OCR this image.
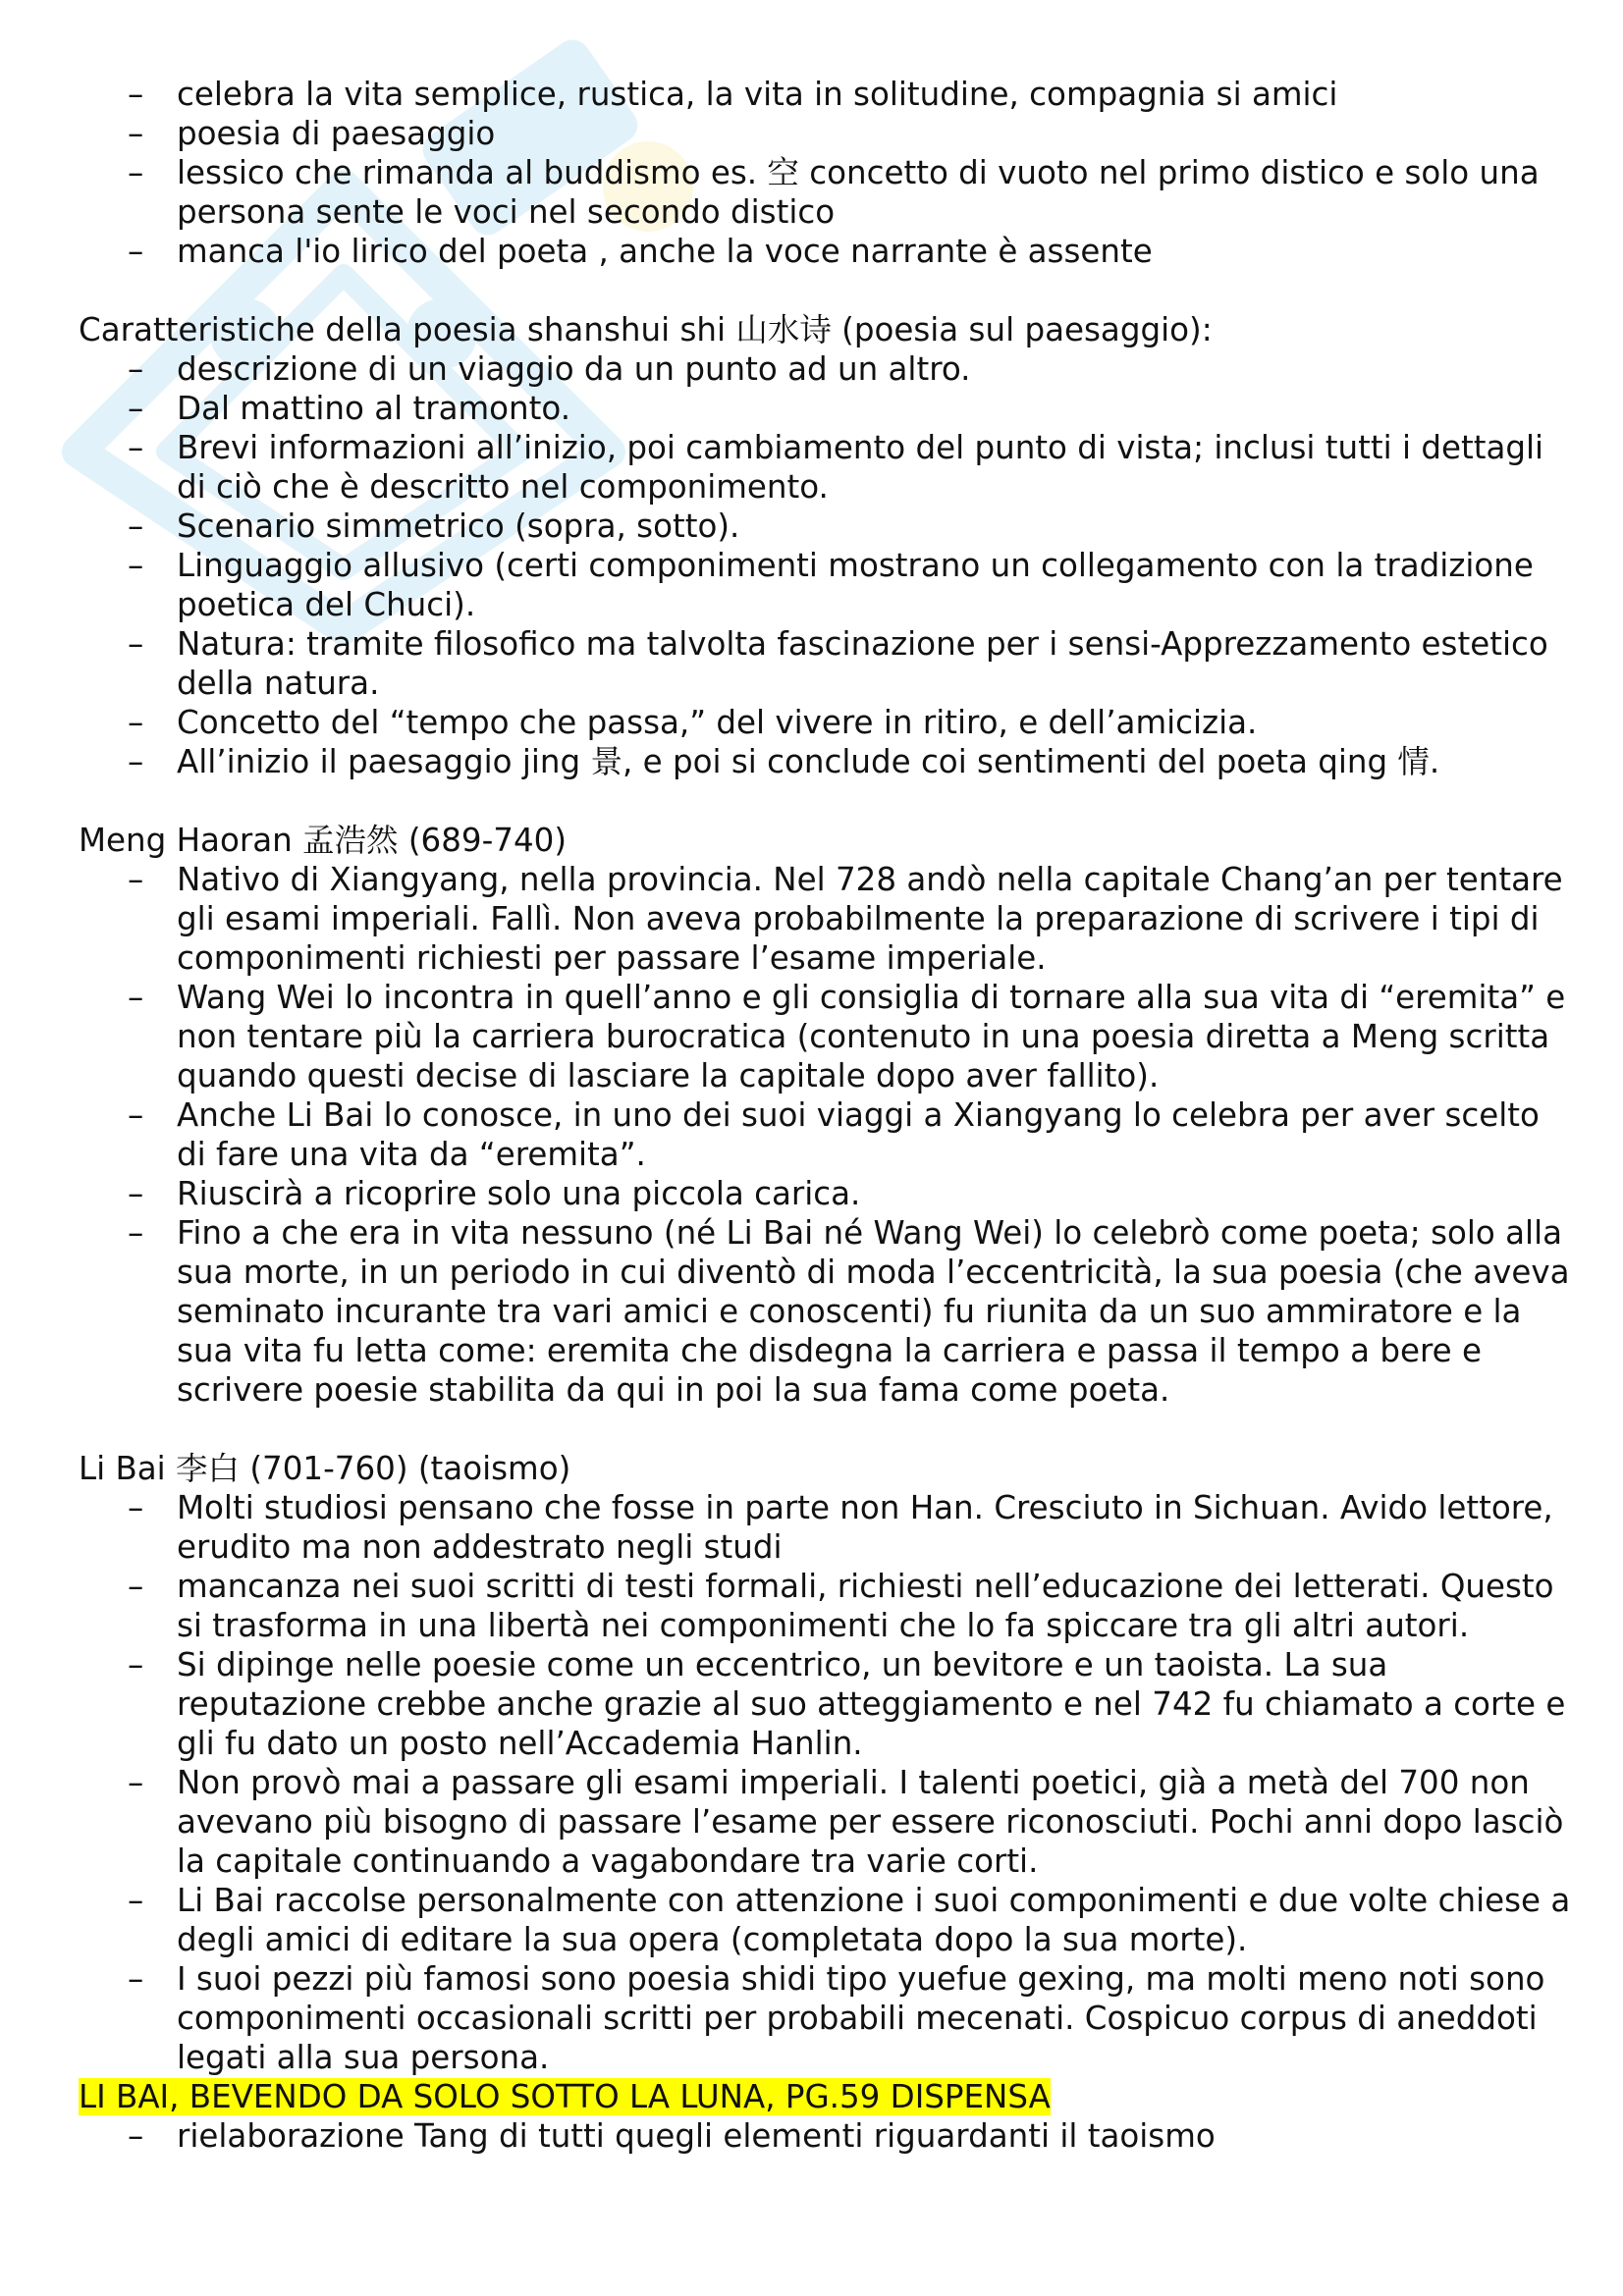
– celebra la vita semplice, rustica, la vita in solitudine, compagnia si amici
– poesia di paesaggio
– lessico che rimanda al buddismo es. 空 concetto di vuoto nel primo distico e solo una persona sente le voci nel secondo distico
– manca l'io lirico del poeta , anche la voce narrante è assente

Caratteristiche della poesia shanshui shi 山水诗 (poesia sul paesaggio):

– descrizione di un viaggio da un punto ad un altro.
– Dal mattino al tramonto.
– Brevi informazioni all’inizio, poi cambiamento del punto di vista; inclusi tutti i dettagli di ciò che è descritto nel componimento.
– Scenario simmetrico (sopra, sotto).
– Linguaggio allusivo (certi componimenti mostrano un collegamento con la tradizione poetica del Chuci).
– Natura: tramite filosofico ma talvolta fascinazione per i sensi-Apprezzamento estetico della natura.
– Concetto del “tempo che passa,” del vivere in ritiro, e dell’amicizia.
– All’inizio il paesaggio jing 景, e poi si conclude coi sentimenti del poeta qing 情.

Meng Haoran 孟浩然 (689-740)

– Nativo di Xiangyang, nella provincia. Nel 728 andò nella capitale Chang’an per tentare gli esami imperiali. Fallì. Non aveva probabilmente la preparazione di scrivere i tipi di componimenti richiesti per passare l’esame imperiale.
– Wang Wei lo incontra in quell’anno e gli consiglia di tornare alla sua vita di “eremita” e non tentare più la carriera burocratica (contenuto in una poesia diretta a Meng scritta quando questi decise di lasciare la capitale dopo aver fallito).
– Anche Li Bai lo conosce, in uno dei suoi viaggi a Xiangyang lo celebra per aver scelto di fare una vita da “eremita”.
– Riuscirà a ricoprire solo una piccola carica.
– Fino a che era in vita nessuno (né Li Bai né Wang Wei) lo celebrò come poeta; solo alla sua morte, in un periodo in cui diventò di moda l’eccentricità, la sua poesia (che aveva seminato incurante tra vari amici e conoscenti) fu riunita da un suo ammiratore e la sua vita fu letta come: eremita che disdegna la carriera e passa il tempo a bere e scrivere poesie stabilita da qui in poi la sua fama come poeta.

Li Bai 李白 (701-760) (taoismo)

– Molti studiosi pensano che fosse in parte non Han. Cresciuto in Sichuan. Avido lettore, erudito ma non addestrato negli studi
– mancanza nei suoi scritti di testi formali, richiesti nell’educazione dei letterati. Questo si trasforma in una libertà nei componimenti che lo fa spiccare tra gli altri autori.
– Si dipinge nelle poesie come un eccentrico, un bevitore e un taoista. La sua reputazione crebbe anche grazie al suo atteggiamento e nel 742 fu chiamato a corte e gli fu dato un posto nell’Accademia Hanlin.
– Non provò mai a passare gli esami imperiali. I talenti poetici, già a metà del 700 non avevano più bisogno di passare l’esame per essere riconosciuti. Pochi anni dopo lasciò la capitale continuando a vagabondare tra varie corti.
– Li Bai raccolse personalmente con attenzione i suoi componimenti e due volte chiese a degli amici di editare la sua opera (completata dopo la sua morte).
– I suoi pezzi più famosi sono poesia shidi tipo yuefue gexing, ma molti meno noti sono componimenti occasionali scritti per probabili mecenati. Cospicuo corpus di aneddoti legati alla sua persona.

LI BAI, BEVENDO DA SOLO SOTTO LA LUNA, PG.59 DISPENSA

– rielaborazione Tang di tutti quegli elementi riguardanti il taoismo
